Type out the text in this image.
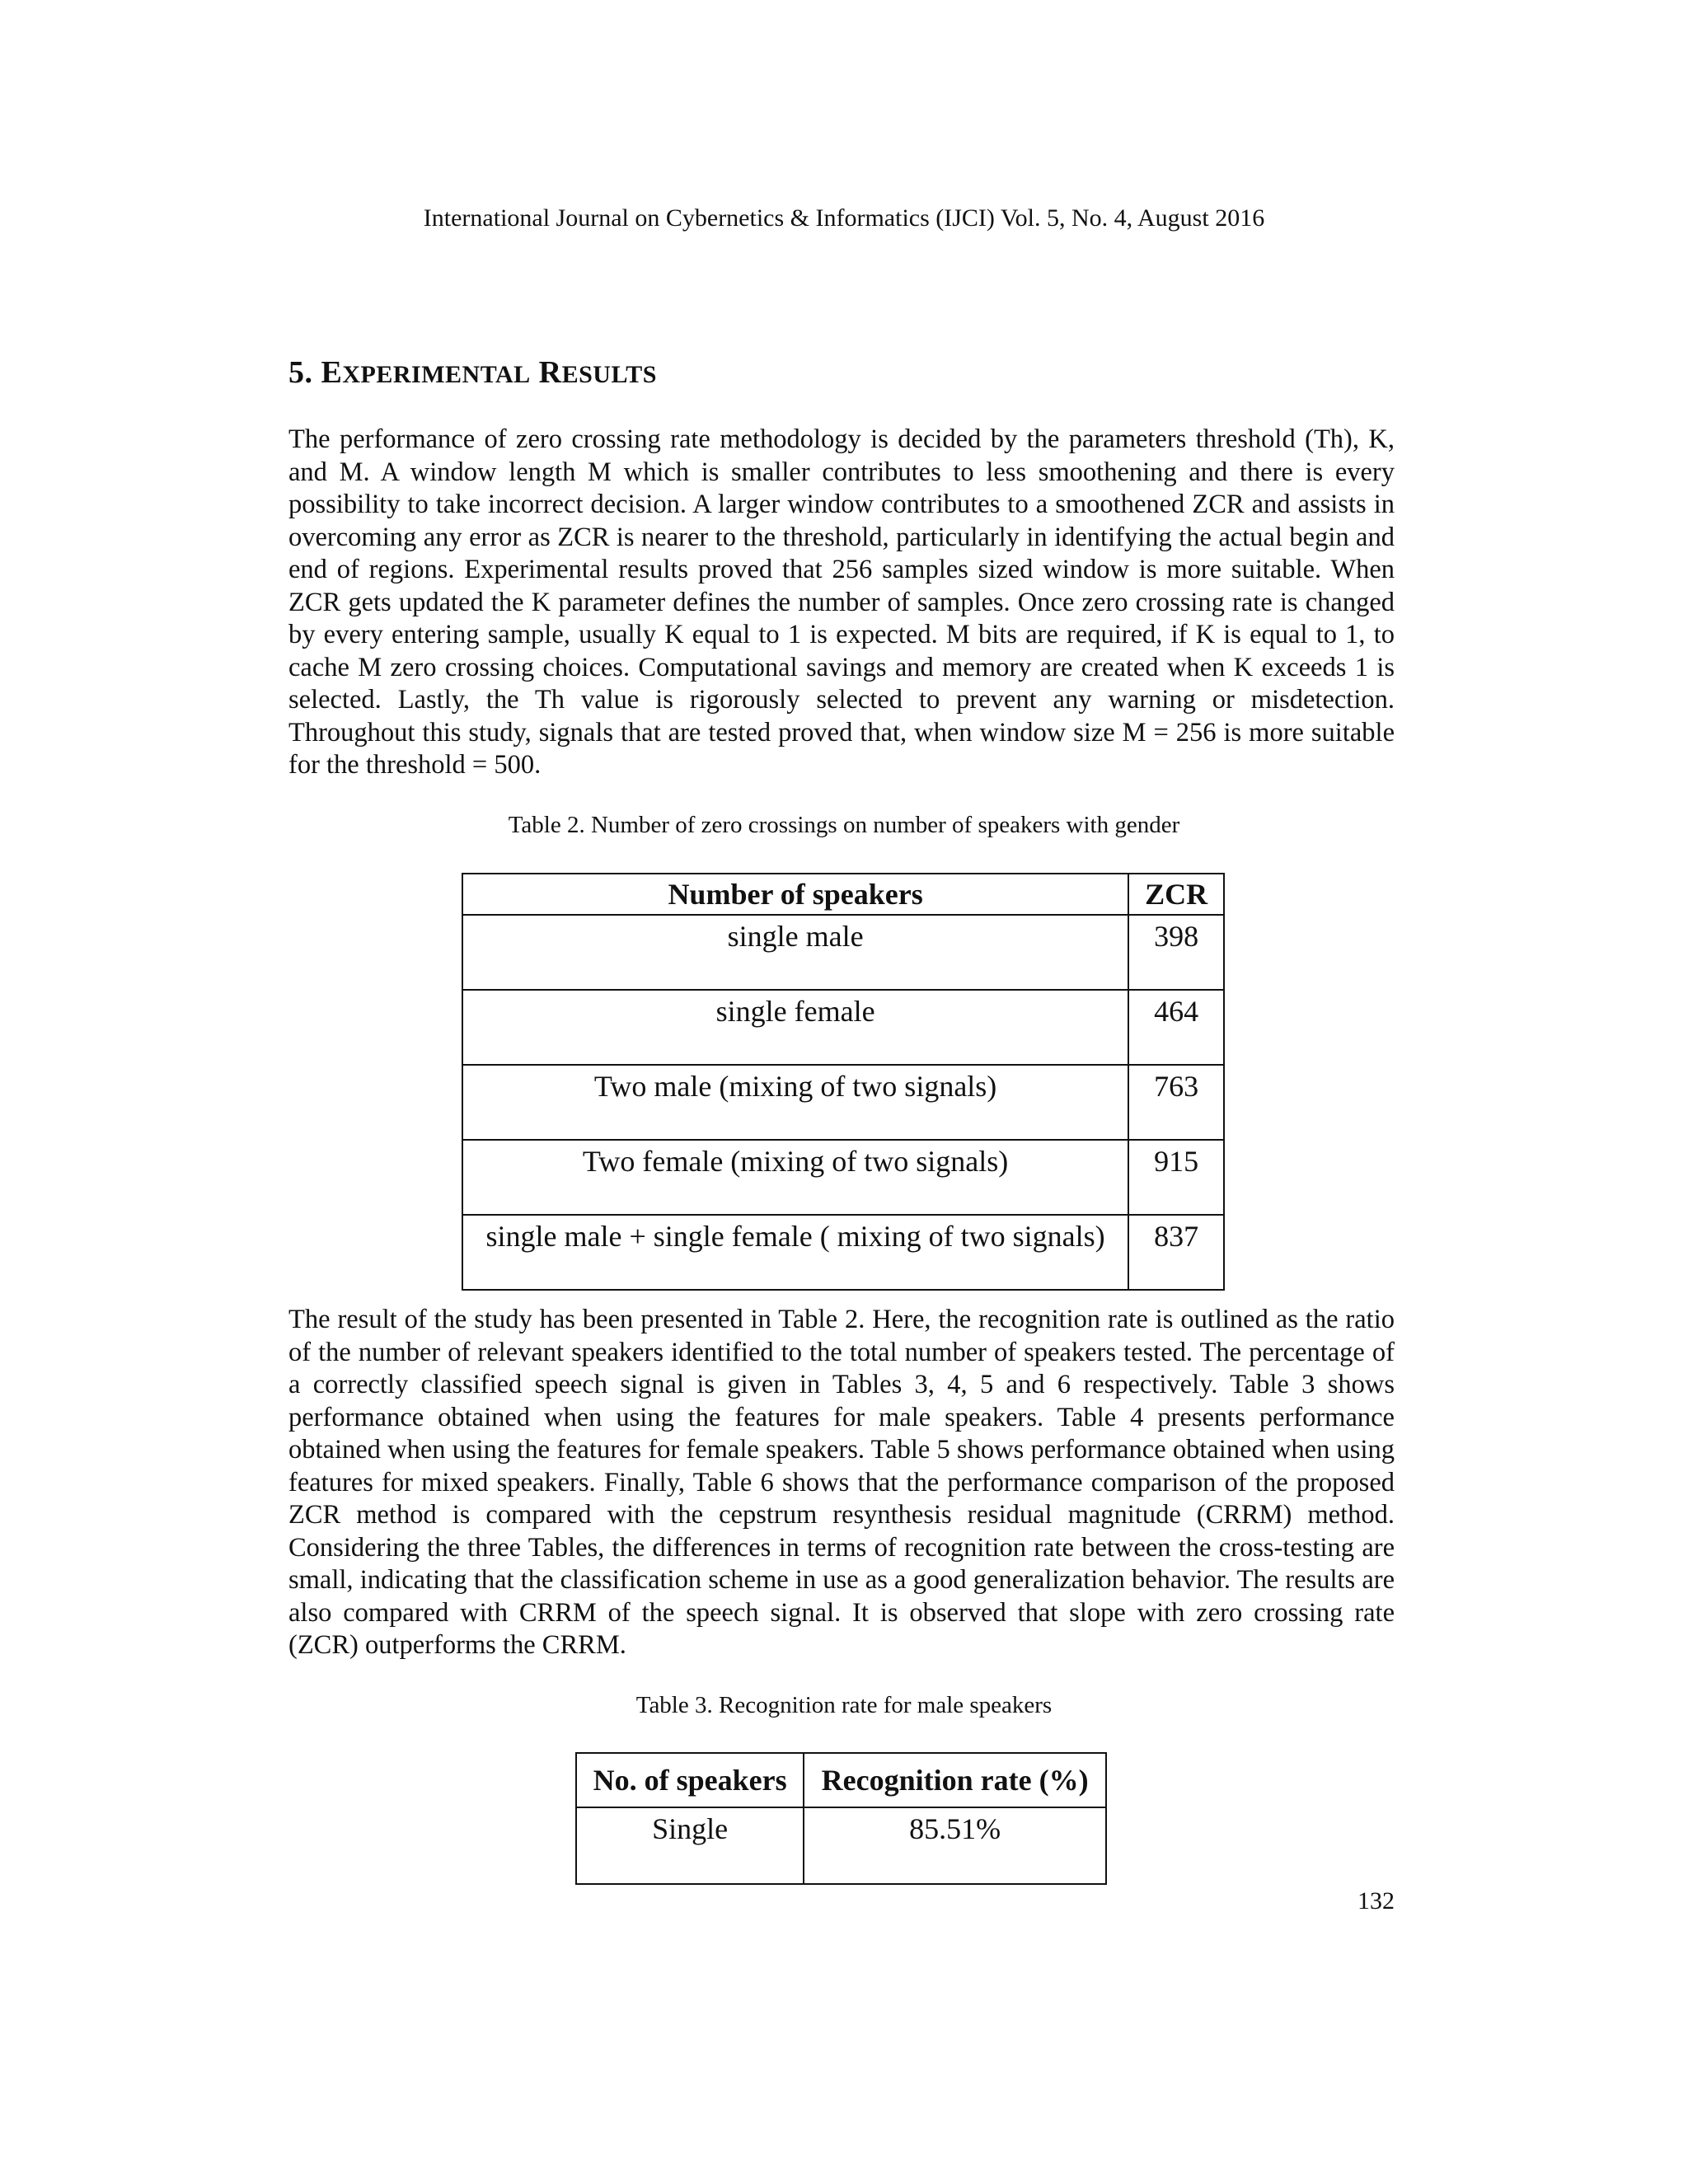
International Journal on Cybernetics & Informatics (IJCI) Vol. 5, No. 4, August 2016
5. EXPERIMENTAL RESULTS

The performance of zero crossing rate methodology is decided by the parameters threshold (Th), K, and M. A window length M which is smaller contributes to less smoothening and there is every possibility to take incorrect decision. A larger window contributes to a smoothened ZCR and assists in overcoming any error as ZCR is nearer to the threshold, particularly in identifying the actual begin and end of regions. Experimental results proved that 256 samples sized window is more suitable. When ZCR gets updated the K parameter defines the number of samples. Once zero crossing rate is changed by every entering sample, usually K equal to 1 is expected. M bits are required, if K is equal to 1, to cache M zero crossing choices. Computational savings and memory are created when K exceeds 1 is selected. Lastly, the Th value is rigorously selected to prevent any warning or misdetection. Throughout this study, signals that are tested proved that, when window size M = 256 is more suitable for the threshold = 500.

Table 2. Number of zero crossings on number of speakers with gender
Number of speakers	ZCR
single male	398
single female	464
Two male (mixing of two signals)	763
Two female (mixing of two signals)	915
single male + single female ( mixing of two signals)	837

The result of the study has been presented in Table 2. Here, the recognition rate is outlined as the ratio of the number of relevant speakers identified to the total number of speakers tested. The percentage of a correctly classified speech signal is given in Tables 3, 4, 5 and 6 respectively. Table 3 shows performance obtained when using the features for male speakers. Table 4 presents performance obtained when using the features for female speakers. Table 5 shows performance obtained when using features for mixed speakers. Finally, Table 6 shows that the performance comparison of the proposed ZCR method is compared with the cepstrum resynthesis residual magnitude (CRRM) method. Considering the three Tables, the differences in terms of recognition rate between the cross-testing are small, indicating that the classification scheme in use as a good generalization behavior. The results are also compared with CRRM of the speech signal. It is observed that slope with zero crossing rate (ZCR) outperforms the CRRM.

Table 3. Recognition rate for male speakers
No. of speakers	Recognition rate (%)
Single	85.51%
132
